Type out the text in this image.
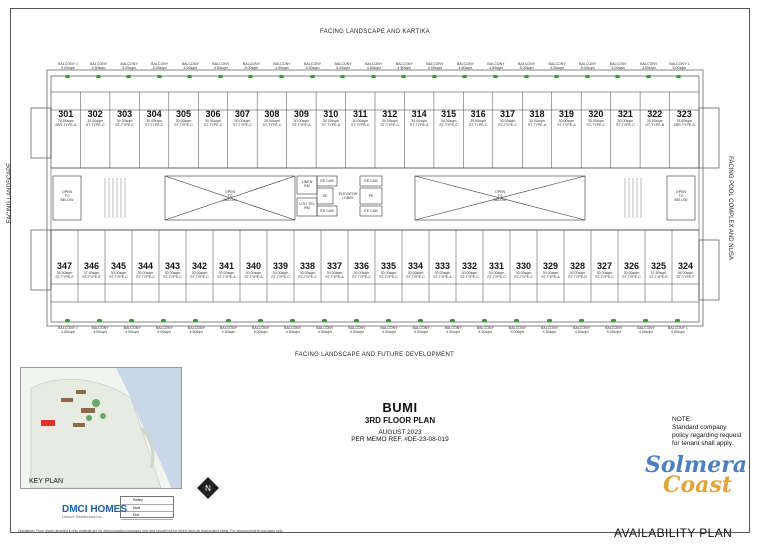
FACING LANDSCAPE AND KARTIKA
FACING LANDSCAPE AND FUTURE DEVELOPMENT
FACING LANDSCAPE	FACING POOL COMPLEX AND NUSA
301
78.50sqm
2BR-TYPE-A
302
30.00sqm
ST-TYPE-C
303
30.00sqm
ST-TYPE-C
304
30.00sqm
ST-TYPE-C
305
30.00sqm
ST-TYPE-C
306
30.00sqm
ST-TYPE-C
307
30.00sqm
ST-TYPE-C
308
30.00sqm
ST-TYPE-C
309
30.00sqm
ST-TYPE-A
310
30.00sqm
ST-TYPE-A
311
30.00sqm
ST-TYPE-C
312
30.00sqm
ST-TYPE-C
314
30.00sqm
ST-TYPE-A
315
30.00sqm
ST-TYPE-C
316
30.00sqm
ST-TYPE-C
317
30.00sqm
ST-TYPE-C
318
30.00sqm
ST-TYPE-A
319
30.00sqm
ST-TYPE-A
320
30.00sqm
ST-TYPE-C
321
30.00sqm
ST-TYPE-C
322
30.00sqm
ST-TYPE-B
323
78.50sqm
2BR-TYPE-A
347
36.50sqm
ST-TYPE-F
346
37.50sqm
ST-TYPE-E
345
30.00sqm
ST-TYPE-C
344
30.00sqm
ST-TYPE-C
343
30.00sqm
ST-TYPE-C
342
30.00sqm
ST-TYPE-C
341
30.00sqm
ST-TYPE-A
340
30.00sqm
ST-TYPE-A
339
30.00sqm
ST-TYPE-C
338
30.00sqm
ST-TYPE-C
337
30.00sqm
ST-TYPE-A
336
30.00sqm
ST-TYPE-C
335
30.00sqm
ST-TYPE-C
334
30.00sqm
ST-TYPE-C
333
30.00sqm
ST-TYPE-A
332
30.00sqm
ST-TYPE-C
331
30.00sqm
ST-TYPE-C
330
30.00sqm
ST-TYPE-C
329
30.00sqm
ST-TYPE-A
328
30.00sqm
ST-TYPE-D
327
30.00sqm
ST-TYPE-C
326
30.00sqm
ST-TYPE-C
325
37.50sqm
ST-TYPE-E
324
36.00sqm
ST-TYPE-F
BALCONY 1
5.00sqm
BALCONY
4.50sqm
BALCONY
5.00sqm
BALCONY
5.00sqm
BALCONY
4.50sqm
BALCONY
4.50sqm
BALCONY
5.00sqm
BALCONY
4.50sqm
BALCONY
4.50sqm
BALCONY
5.00sqm
BALCONY
4.50sqm
BALCONY
4.50sqm
BALCONY
5.00sqm
BALCONY
4.50sqm
BALCONY
4.50sqm
BALCONY
5.00sqm
BALCONY
4.50sqm
BALCONY
5.00sqm
BALCONY
5.00sqm
BALCONY
4.50sqm
BALCONY 1
5.00sqm
BALCONY 1
4.50sqm
BALCONY
4.50sqm
BALCONY
4.50sqm
BALCONY
5.00sqm
BALCONY
4.50sqm
BALCONY
4.50sqm
BALCONY
5.00sqm
BALCONY
4.50sqm
BALCONY
4.50sqm
BALCONY
5.00sqm
BALCONY
4.50sqm
BALCONY
5.00sqm
BALCONY
4.50sqm
BALCONY
4.50sqm
BALCONY
5.00sqm
BALCONY
4.50sqm
BALCONY
4.50sqm
BALCONY
5.00sqm
BALCONY
4.50sqm
BALCONY 1
4.50sqm
OPEN
TO
BELOW
OPEN
TO
BELOW
OPEN
TO
BELOW
OPEN
TO
BELOW
LINEN
RM
UTL/ TEL
RM
EE CAB
EE CAB
SE	ELEVATOR
LOBBY
EE CAB
PE
EE CAB
KEY PLAN
N
Reaxy
Noel
Dist
DMCI HOMES
Leisure Residences Inc.
BUMI
3RD FLOOR PLAN
AUGUST 2023
PER MEMO REF. #DE-23-08-019
NOTE:
Standard company policy regarding request for tenant shall apply.
Solmera
Coast
AVAILABILITY PLAN
Disclaimer: Floor plans depicted in this material are for demonstration purposes only and should not be relied upon as final project plans. For announcement purposes only.
